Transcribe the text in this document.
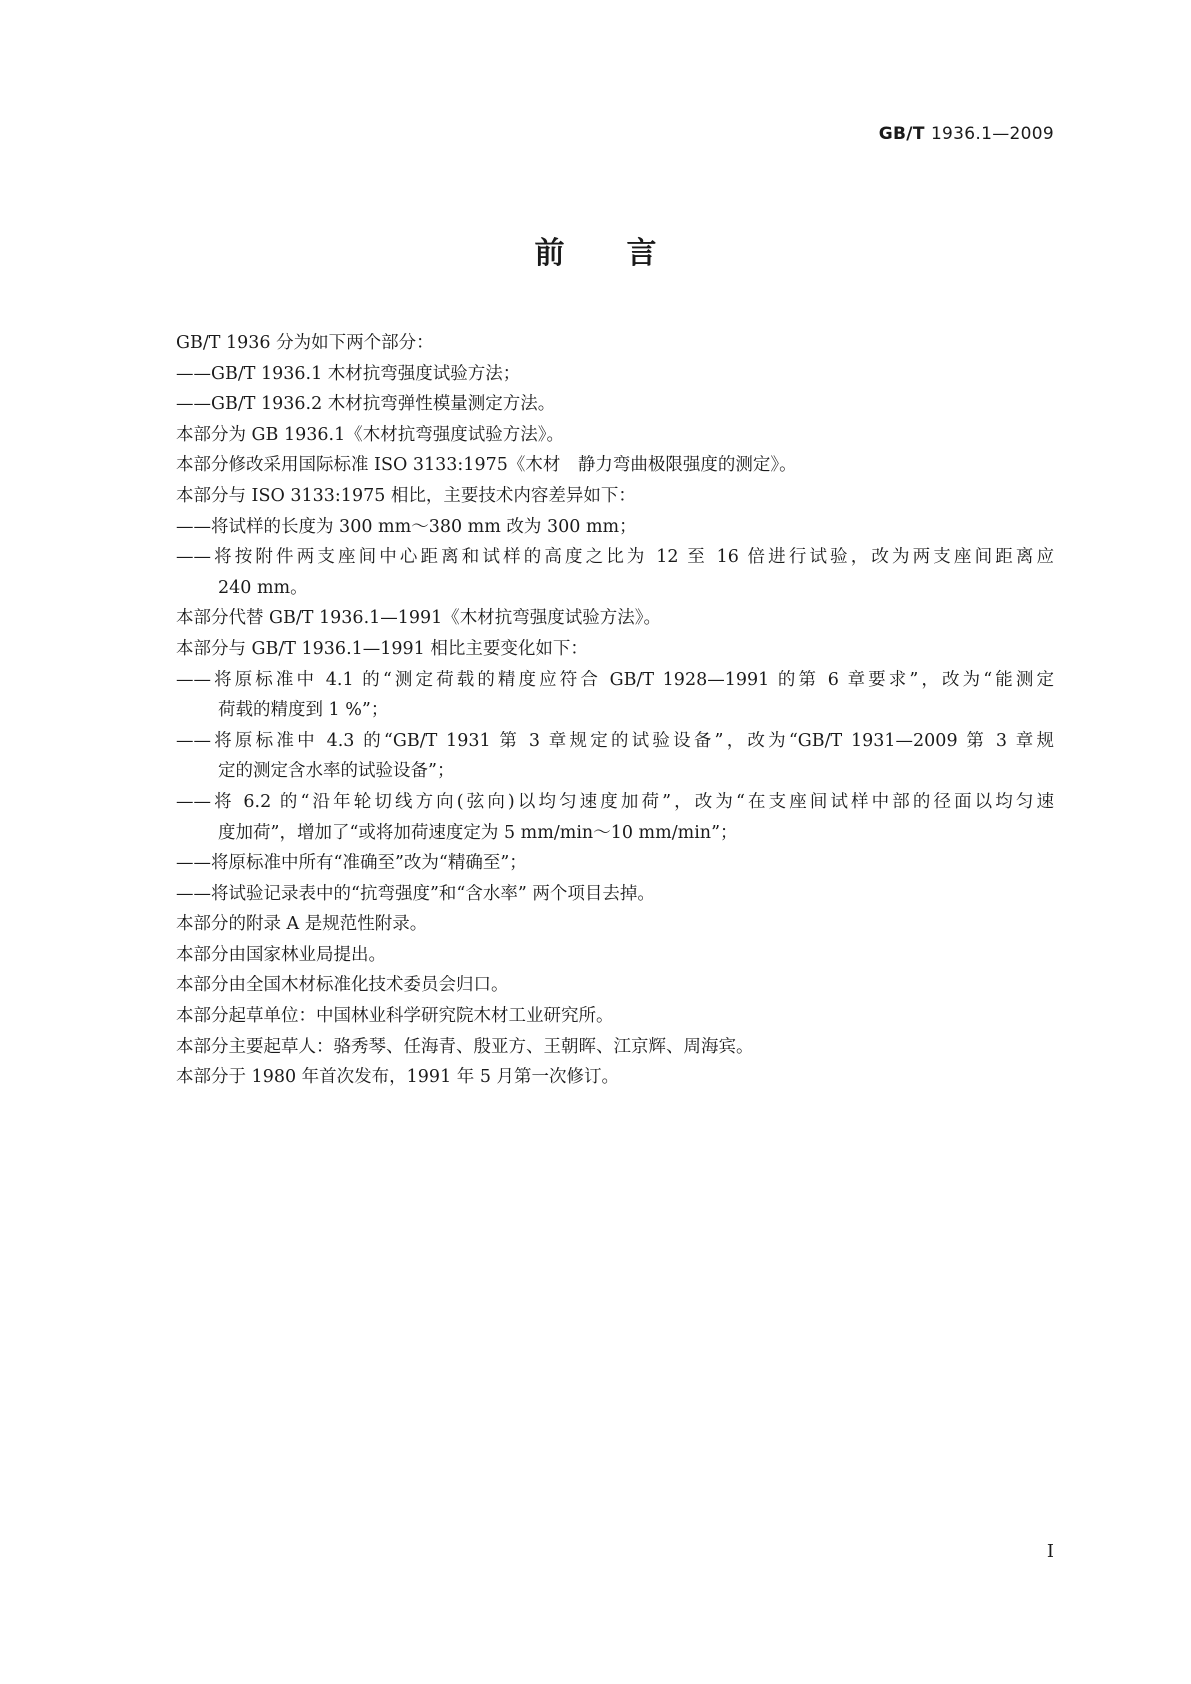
GB/T 1936.1—2009
前 言

GB/T 1936 分为如下两个部分：

——GB/T 1936.1 木材抗弯强度试验方法；

——GB/T 1936.2 木材抗弯弹性模量测定方法。

本部分为 GB 1936.1《木材抗弯强度试验方法》。

本部分修改采用国际标准 ISO 3133:1975《木材　静力弯曲极限强度的测定》。

本部分与 ISO 3133:1975 相比，主要技术内容差异如下：

——将试样的长度为 300 mm～380 mm 改为 300 mm；

——将按附件两支座间中心距离和试样的高度之比为 12 至 16 倍进行试验，改为两支座间距离应
240 mm。

本部分代替 GB/T 1936.1—1991《木材抗弯强度试验方法》。

本部分与 GB/T 1936.1—1991 相比主要变化如下：

——将原标准中 4.1 的“测定荷载的精度应符合 GB/T 1928—1991 的第 6 章要求”，改为“能测定
荷载的精度到 1 %”；
——将原标准中 4.3 的“GB/T 1931 第 3 章规定的试验设备”，改为“GB/T 1931—2009 第 3 章规
定的测定含水率的试验设备”；
——将 6.2 的“沿年轮切线方向(弦向)以均匀速度加荷”，改为“在支座间试样中部的径面以均匀速
度加荷”，增加了“或将加荷速度定为 5 mm/min～10 mm/min”；

——将原标准中所有“准确至”改为“精确至”；

——将试验记录表中的“抗弯强度”和“含水率” 两个项目去掉。

本部分的附录 A 是规范性附录。

本部分由国家林业局提出。

本部分由全国木材标准化技术委员会归口。

本部分起草单位：中国林业科学研究院木材工业研究所。

本部分主要起草人：骆秀琴、任海青、殷亚方、王朝晖、江京辉、周海宾。

本部分于 1980 年首次发布，1991 年 5 月第一次修订。

I
